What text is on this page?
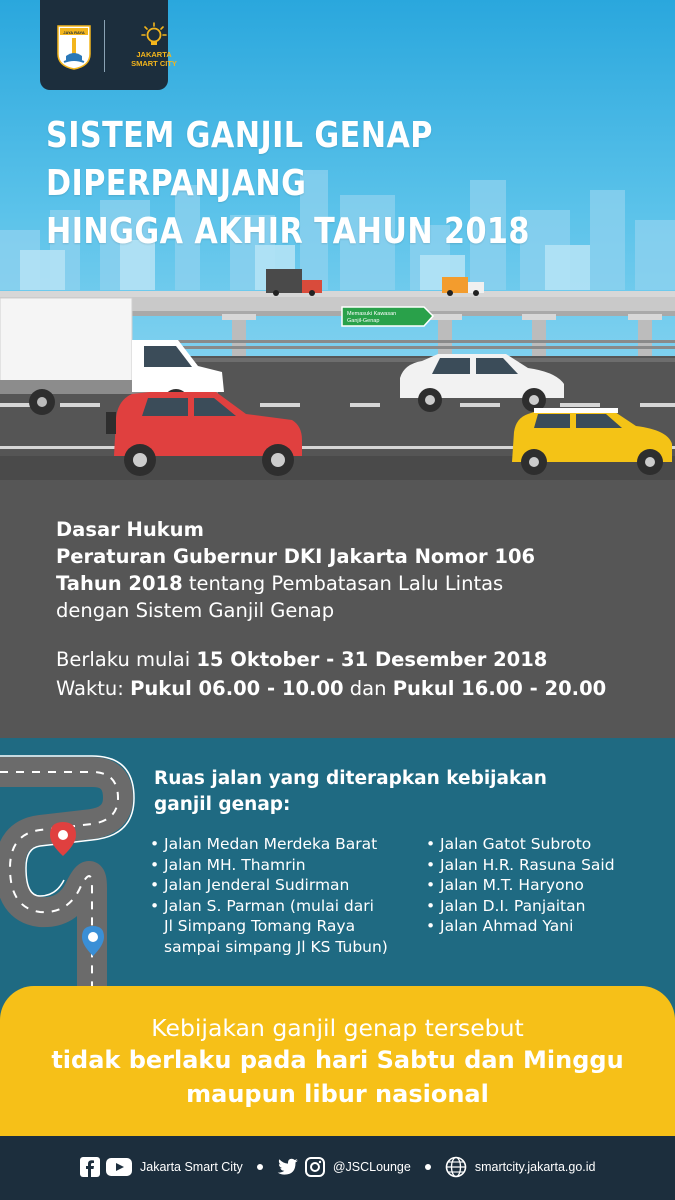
Memasuki Kawasan
Ganjil-Genap
JAYA RAYA
JAKARTA SMART CITY
SISTEM GANJIL GENAP
DIPERPANJANG
HINGGA AKHIR TAHUN 2018
Dasar Hukum
Peraturan Gubernur DKI Jakarta Nomor 106
Tahun 2018 tentang Pembatasan Lalu Lintas
dengan Sistem Ganjil Genap
Berlaku mulai 15 Oktober - 31 Desember 2018
Waktu: Pukul 06.00 - 10.00 dan Pukul 16.00 - 20.00
Ruas jalan yang diterapkan kebijakan
ganjil genap:
• Jalan Medan Merdeka Barat
• Jalan MH. Thamrin
• Jalan Jenderal Sudirman
• Jalan S. Parman (mulai dari
Jl Simpang Tomang Raya
sampai simpang Jl KS Tubun)
• Jalan Gatot Subroto
• Jalan H.R. Rasuna Said
• Jalan M.T. Haryono
• Jalan D.I. Panjaitan
• Jalan Ahmad Yani
Kebijakan ganjil genap tersebut
tidak berlaku pada hari Sabtu dan Minggu
maupun libur nasional
Jakarta Smart City	@JSCLounge	smartcity.jakarta.go.id
